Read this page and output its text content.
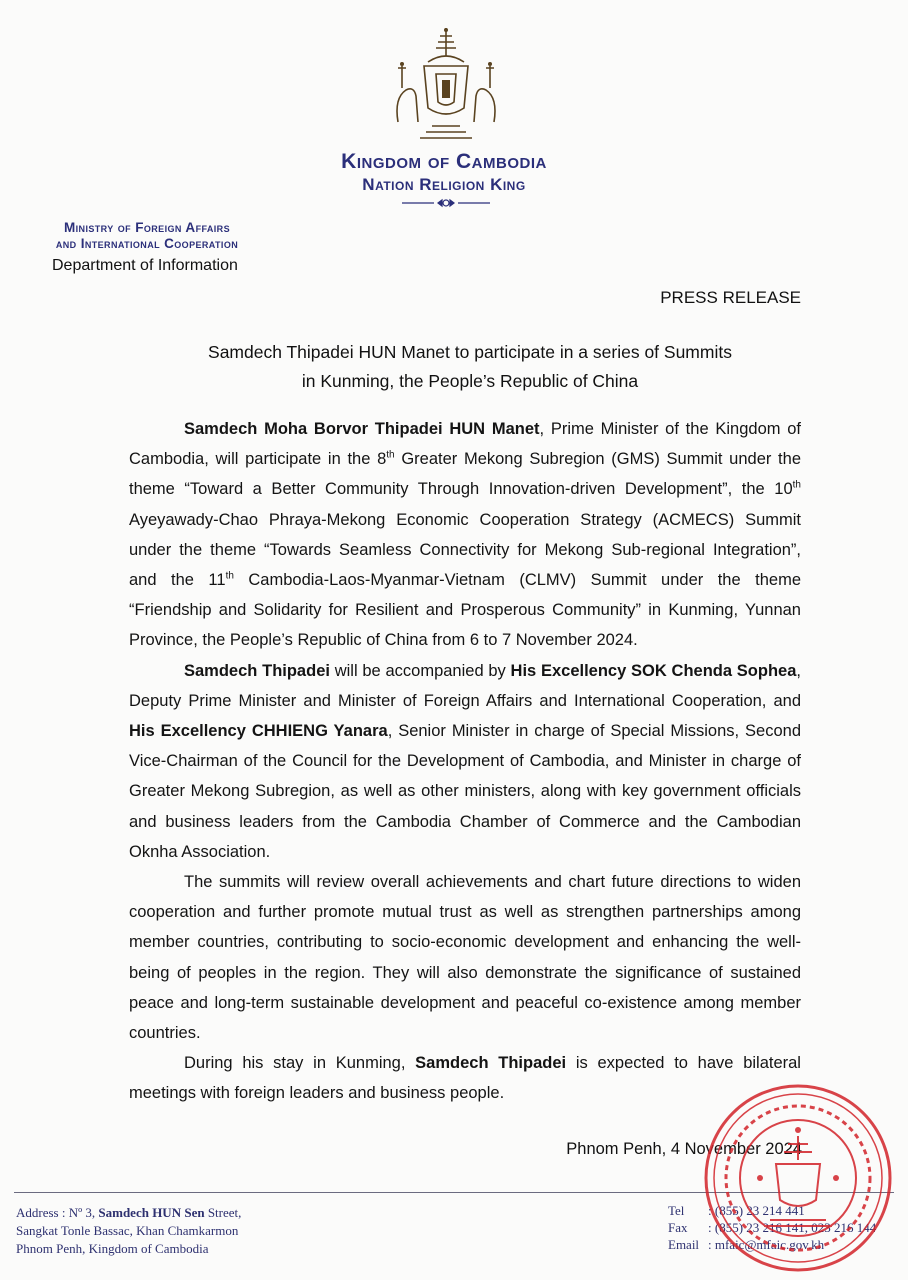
Kingdom of Cambodia
Nation Religion King
Ministry of Foreign Affairs
and International Cooperation
Department of Information
PRESS RELEASE
Samdech Thipadei HUN Manet to participate in a series of Summits
in Kunming, the People’s Republic of China

Samdech Moha Borvor Thipadei HUN Manet, Prime Minister of the Kingdom of Cambodia, will participate in the 8th Greater Mekong Subregion (GMS) Summit under the theme “Toward a Better Community Through Innovation-driven Development”, the 10th Ayeyawady-Chao Phraya-Mekong Economic Cooperation Strategy (ACMECS) Summit under the theme “Towards Seamless Connectivity for Mekong Sub-regional Integration”, and the 11th Cambodia-Laos-Myanmar-Vietnam (CLMV) Summit under the theme “Friendship and Solidarity for Resilient and Prosperous Community” in Kunming, Yunnan Province, the People’s Republic of China from 6 to 7 November 2024.

Samdech Thipadei will be accompanied by His Excellency SOK Chenda Sophea, Deputy Prime Minister and Minister of Foreign Affairs and International Cooperation, and His Excellency CHHIENG Yanara, Senior Minister in charge of Special Missions, Second Vice-Chairman of the Council for the Development of Cambodia, and Minister in charge of Greater Mekong Subregion, as well as other ministers, along with key government officials and business leaders from the Cambodia Chamber of Commerce and the Cambodian Oknha Association.

The summits will review overall achievements and chart future directions to widen cooperation and further promote mutual trust as well as strengthen partnerships among member countries, contributing to socio-economic development and enhancing the well-being of peoples in the region. They will also demonstrate the significance of sustained peace and long-term sustainable development and peaceful co-existence among member countries.

During his stay in Kunming, Samdech Thipadei is expected to have bilateral meetings with foreign leaders and business people.

Phnom Penh, 4 November 2024
Address : Nº 3, Samdech HUN Sen Street,
Sangkat Tonle Bassac, Khan Chamkarmon
Phnom Penh, Kingdom of Cambodia
Tel : (855) 23 214 441
Fax : (855) 23 216 141, 023 216 144
Email : mfaic@mfaic.gov.kh
